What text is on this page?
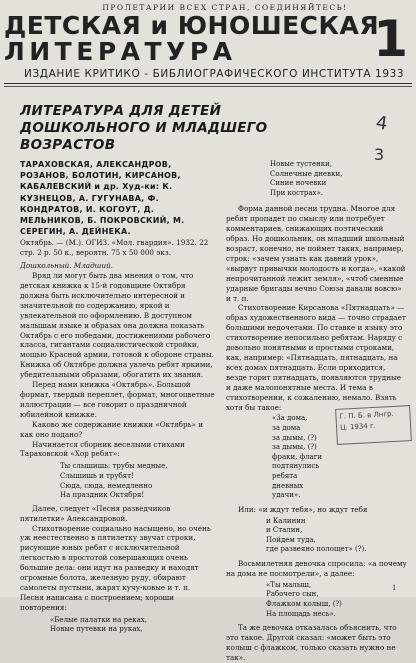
ПРОЛЕТАРИИ ВСЕХ СТРАН, СОЕДИНЯЙТЕСЬ!
ДЕТСКАЯ и ЮНОШЕСКАЯ
ЛИТЕРАТУРА	1
ИЗДАНИЕ КРИТИКО - БИБЛИОГРАФИЧЕСКОГО ИНСТИТУТА 1933
ЛИТЕРАТУРА ДЛЯ ДЕТЕЙ ДОШКОЛЬНОГО И МЛАДШЕГО ВОЗРАСТОВ
4
3

ТАРАХОВСКАЯ, АЛЕКСАНДРОВ, РОЗАНОВ, БОЛОТИН, КИРСАНОВ, КАБАЛЕВСКИЙ и др. Худ-ки: К. КУЗНЕЦОВ, А. ГУГУНАВА, Ф. КОНДРАТОВ, И. КОГОУТ, Д. МЕЛЬНИКОВ, Б. ПОКРОВСКИЙ, М. СЕРЕГИН, А. ДЕЙНЕКА.

Октябрь. — (М.). ОГИЗ. «Мол. гвардия». 1932. 22 стр. 2 р. 50 к., вероятн. 75 x 50 000 экз.

Дошкольный. Младший.

Вряд ли могут быть два мнения о том, что детская книжка к 15-й годовщине Октября должна быть исключительно интересной и значительной по содержанию, яркой и увлекательной по оформлению. В доступном малышам языке и образах она должна показать Октябрь с его победами, достижениями рабочего класса, гигантами социалистической стройки, мощью Красной армии, готовой к обороне страны. Книжка об Октябре должна увлечь ребят яркими, убедительными образами, обогатить их знания.

Перед нами книжка «Октябрь». Большой формат, твердый переплет, формат, многоцветные иллюстрации — все говорит о праздничной юбилейной книжке.

Каково же содержание книжки «Октябрь» и как оно подано?

Начинается сборник веселыми стихами Тараховской «Хор ребят»:

Ты слышишь: трубы медные,
Слышишь и трубят!
Сюда, сюда, немедленно
На праздник Октября!

Далее, следует «Песня разведчиков пятилетки» Александровой.

Стихотворение социально насыщено, но очень уж неестественно в пятилетку звучат строки, рисующие юных ребят с исключительной легкостью в простотой совершающих очень большие дела: они идут на разведку и находят огромные болота, железную руду, обирают самолеты пустыни, жарят кучу-ковые и т. п. Песня написана с построением; хороши повторения:

«Белые палатки на реках,
Новые путевки на руках,
Новые тустенки,
Солнечные дневки,
Синие ночевки
При кострах».

Форма данной песни трудна. Многое для ребят пропадет по смыслу или потребует комментариев, снижающих поэтический образ. Но дошкольник, он младший школьный возраст, конечно, не поймет таких, например, строк: «зачем узнать как давний урок», «вырвут привычки молодость и когда», «какой непрочитанной лежит земля», «чтоб сменные ударные бригады вечно Союза давали вовсю» и т. п.

Стихотворение Кирсанова «Пятнадцать» — образ художественного вида — точно страдает большими недочетами. По ставке и языку это стихотворение непосильно ребятам. Наряду с довольно понятными и простыми строками, как, например: «Пятнадцать, пятнадцать, на всех домах пятнадцать. Если приходится, везде горит пятнадцать, появляются трудные и даже малопонятные места. И тема в стихотворении, к сожалению, немало. Взять хотя бы такое:

«За дома,
за дома
за дымы, (?)
за дымы, (?)
фраки, флаги
подтянулись
ребята
дневных
удачи».

Или: «и ждут тебя», но ждут тебя

и Калинин
и Сталин,
Пойдем туда,
где развеяно полощет» (?).

Восьмилетняя девочка спросила: «а почему на дома не посмотрели», а далее:

«Ты малыш,
Рабочего сын,
Флажком колыш, (?)
На площадь несь».

Та же девочка отказалась объяснить, что это такое. Другой сказал: «может быть это колыш с флажком, только сказать нужно не так».

Г. П. Б. в Лнгр.
Ц. 1934 г.
1
